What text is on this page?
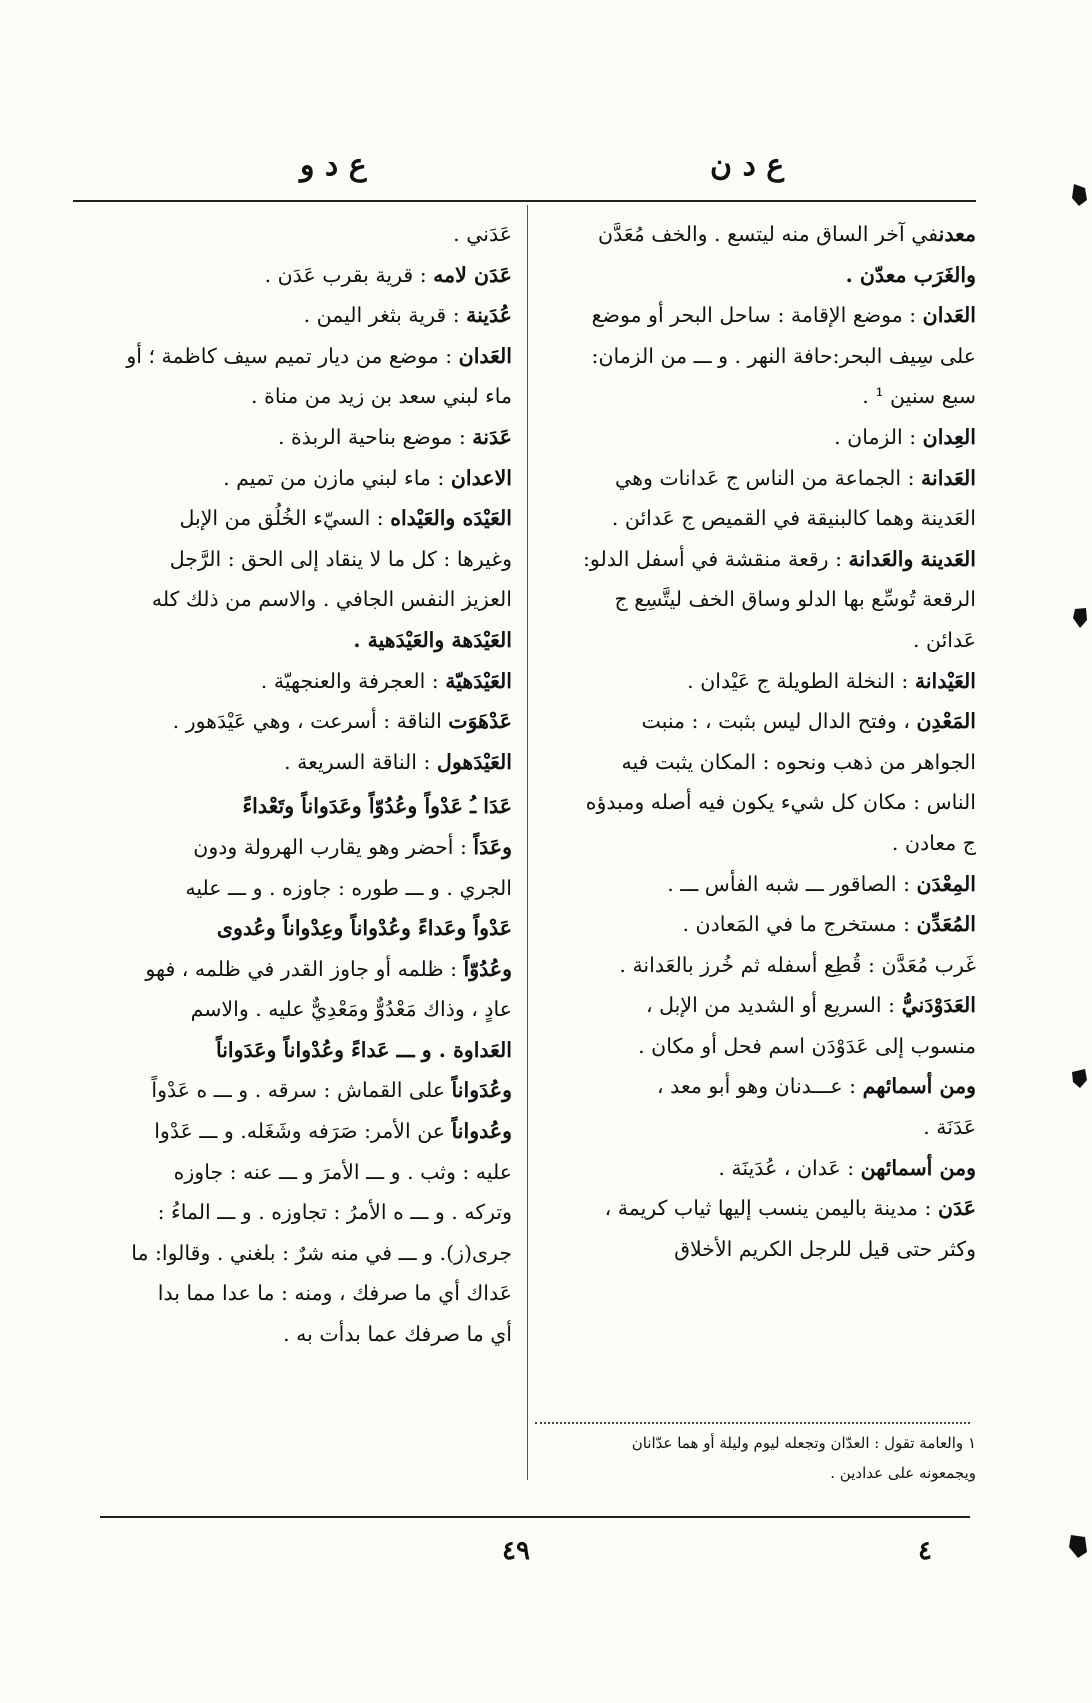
ع د ن
ع د و
معدنفي آخر الساق منه ليتسع . والخف مُعَدَّن
والغَرَب معدّن .
العَدان : موضع الإقامة : ساحل البحر أو موضع
على سِيف البحر:حافة النهر . و ـــ من الزمان:
سبع سنين ¹ .
العِدان : الزمان .
العَدانة : الجماعة من الناس ج عَدانات وهي
العَدينة وهما كالبنيقة في القميص ج عَدائن .
العَدينة والعَدانة : رقعة منقشة في أسفل الدلو:
الرقعة تُوسِّع بها الدلو وساق الخف ليتَّسِع ج
عَدائن .
العَيْدانة : النخلة الطويلة ج عَيْدان .
المَعْدِن ، وفتح الدال ليس بثبت ، : منبت
الجواهر من ذهب ونحوه : المكان يثبت فيه
الناس : مكان كل شيء يكون فيه أصله ومبدؤه
ج معادن .
المِعْدَن : الصاقور ـــ شبه الفأس ـــ .
المُعَدِّن : مستخرج ما في المَعادن .
غَرب مُعَدَّن : قُطِع أسفله ثم خُرز بالعَدانة .
العَدَوْدَنيُّ : السريع أو الشديد من الإبل ،
منسوب إلى عَدَوْدَن اسم فحل أو مكان .
ومن أسمائهم : عـــدنان وهو أبو معد ،
عَدَنَة .
ومن أسمائهن : عَدان ، عُدَينَة .
عَدَن : مدينة باليمن ينسب إليها ثياب كريمة ،
وكثر حتى قيل للرجل الكريم الأخلاق
عَدَني .
عَدَن لامه : قرية بقرب عَدَن .
عُدَينة : قرية بثغر اليمن .
العَدان : موضع من ديار تميم سيف كاظمة ؛ أو
ماء لبني سعد بن زيد من مناة .
عَدَنة : موضع بناحية الربذة .
الاعدان : ماء لبني مازن من تميم .
العَيْدَه والعَيْداه : السيّء الخُلُق من الإبل
وغيرها : كل ما لا ينقاد إلى الحق : الرَّجل
العزيز النفس الجافي . والاسم من ذلك كله
العَيْدَهة والعَيْدَهية .
العَيْدَهيّة : العجرفة والعنجهيّة .
عَدْهَوَت الناقة : أسرعت ، وهي عَيْدَهور .
العَيْدَهول : الناقة السريعة .
عَدَا ـُ عَدْواً وعُدُوّاً وعَدَواناً وتَعْداءً
وعَدَاً : أحضر وهو يقارب الهرولة ودون
الجري . و ـــ طوره : جاوزه . و ـــ عليه
عَدْواً وعَداءً وعُدْواناً وعِدْواناً وعُدوى
وعُدُوّاً : ظلمه أو جاوز القدر في ظلمه ، فهو
عادٍ ، وذاك مَعْدُوٌّ ومَعْدِيٌّ عليه . والاسم
العَداوة . و ـــ عَداءً وعُدْواناً وعَدَواناً
وعُدَواناً على القماش : سرقه . و ـــ ه عَدْواً
وعُدواناً عن الأمر: صَرَفه وشَغَله. و ـــ عَدْوا
عليه : وثب . و ـــ الأمرَ و ـــ عنه : جاوزه
وتركه . و ـــ ه الأمرُ : تجاوزه . و ـــ الماءُ :
جرى(ز). و ـــ في منه شرٌ : بلغني . وقالوا: ما
عَداك أي ما صرفك ، ومنه : ما عدا مما بدا
أي ما صرفك عما بدأت به .
١ والعامة تقول : العدّان وتجعله ليوم وليلة أو هما عدّانان
ويجمعونه على عدادين .
٤
٤٩
